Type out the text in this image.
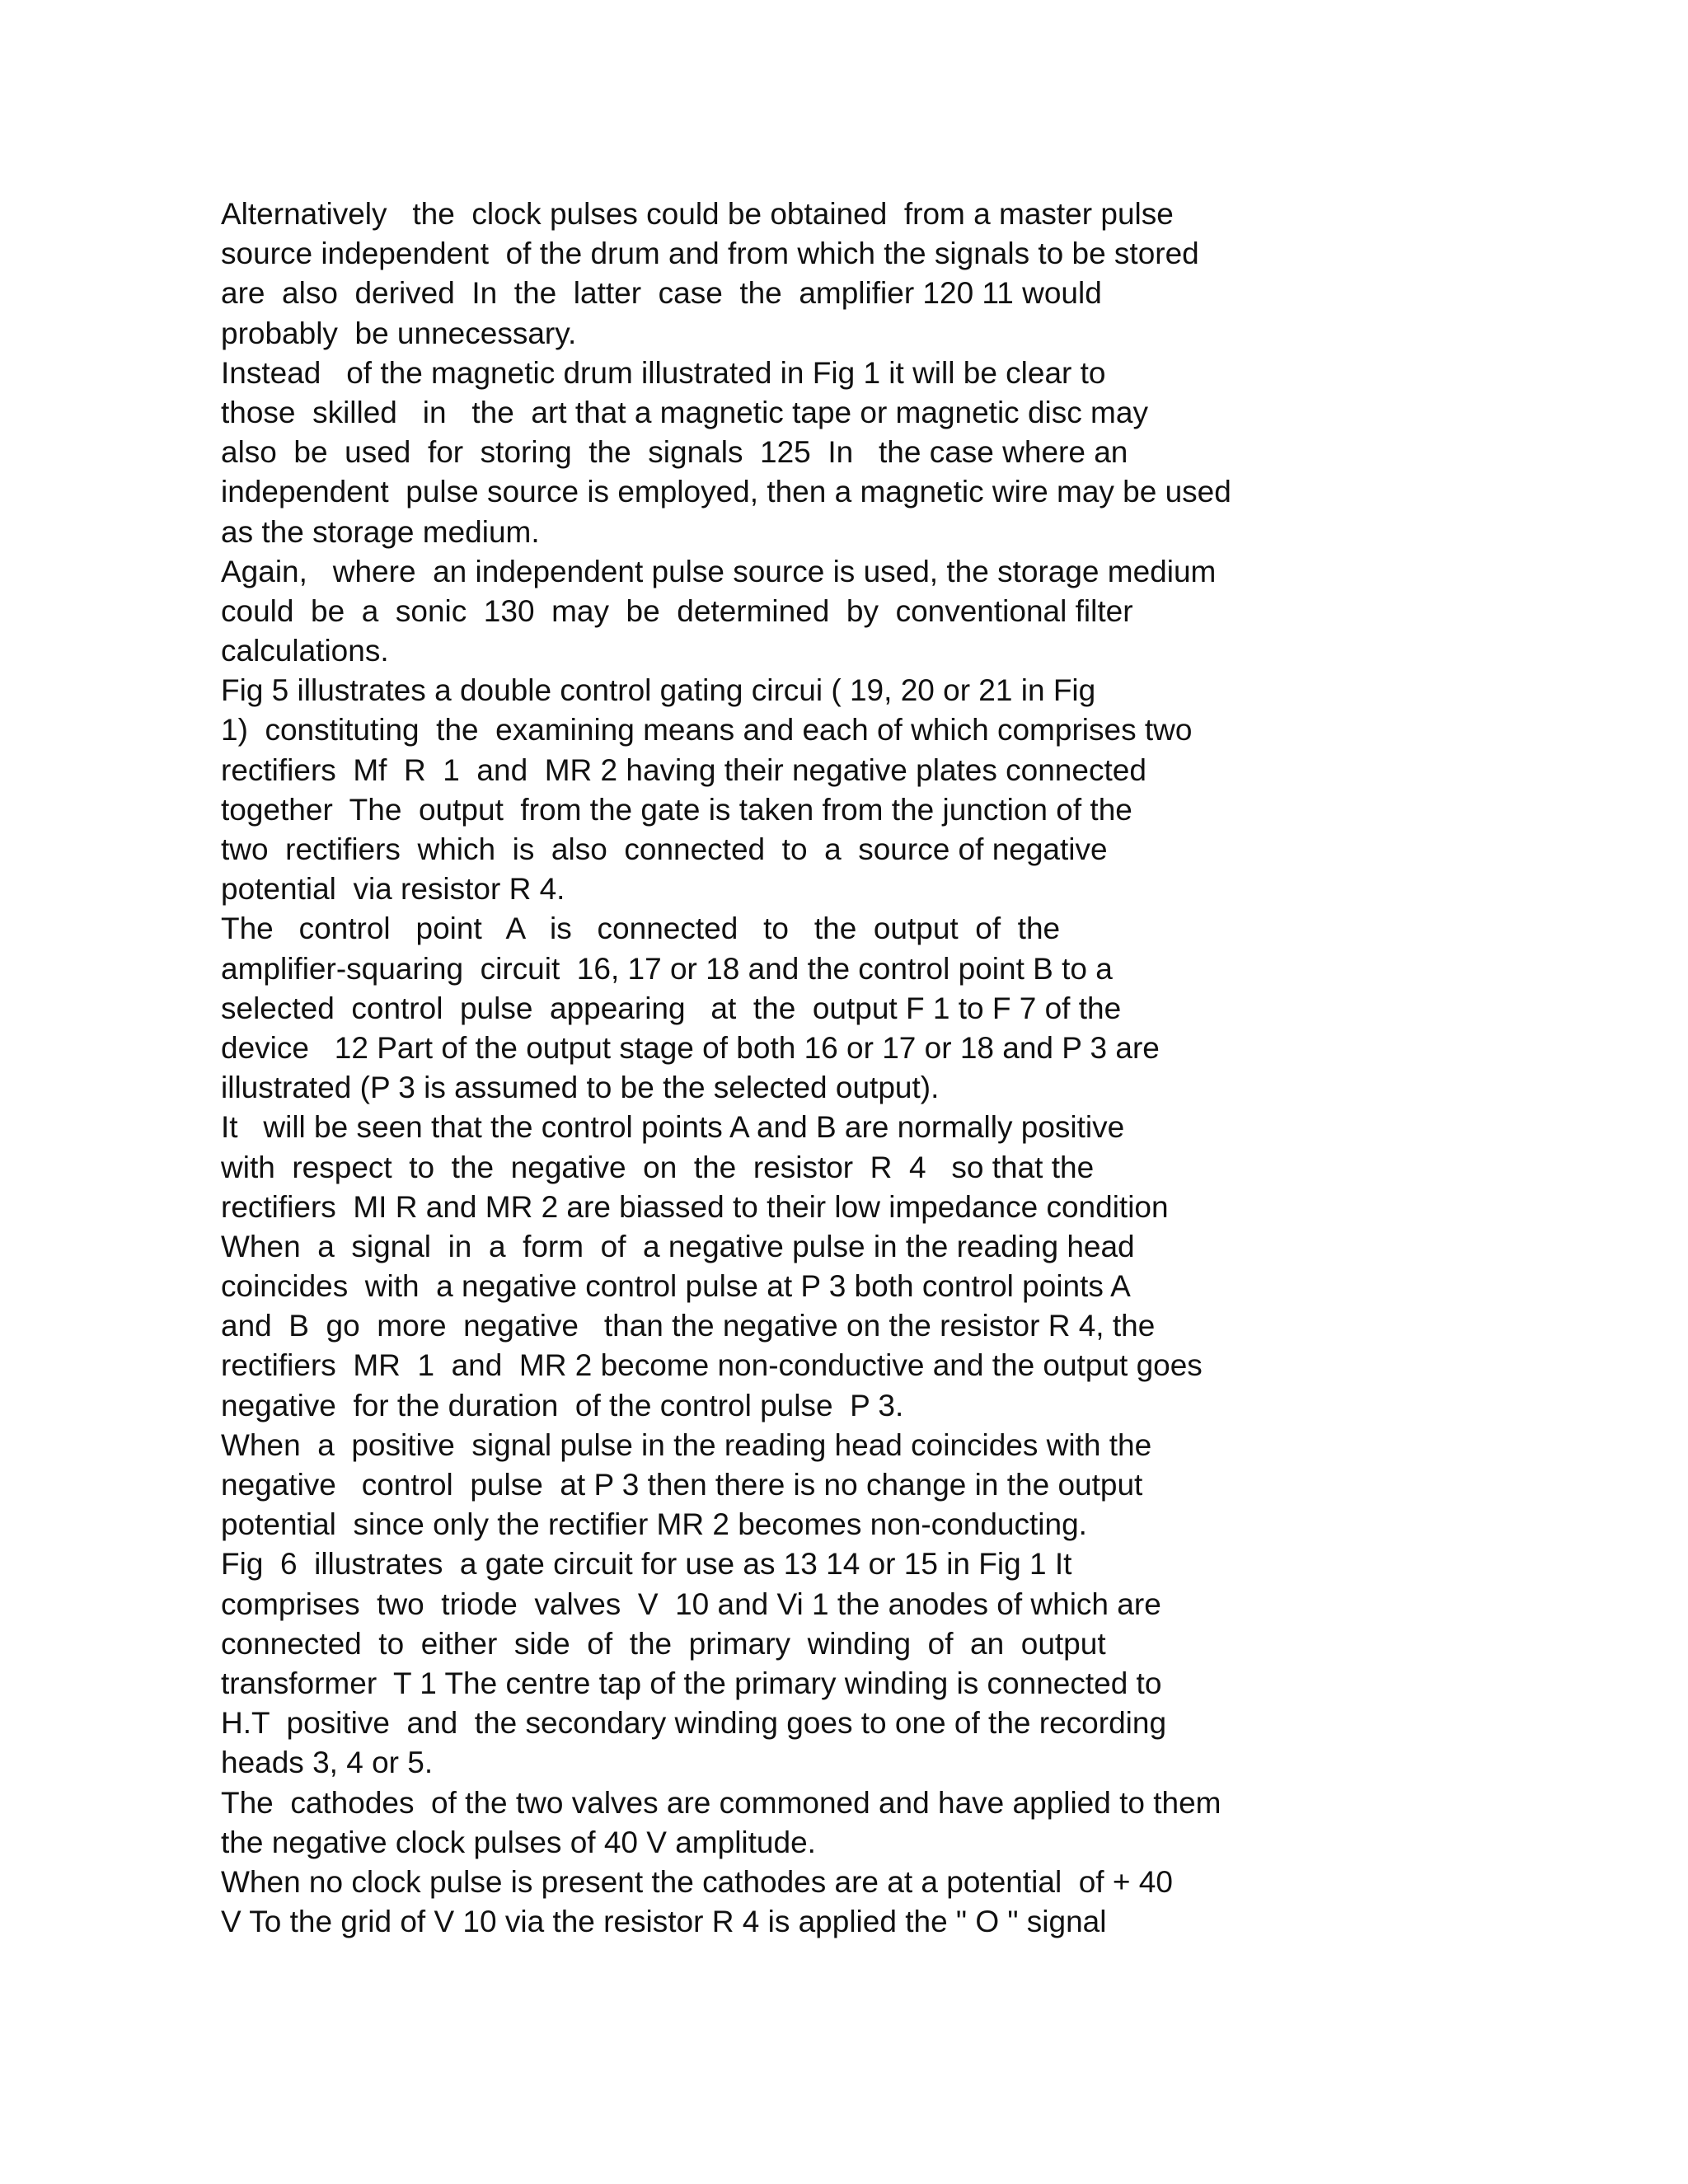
Alternatively   the  clock pulses could be obtained  from a master pulse
source independent  of the drum and from which the signals to be stored
are  also  derived  In  the  latter  case  the  amplifier 120 11 would
probably  be unnecessary.
Instead   of the magnetic drum illustrated in Fig 1 it will be clear to
those  skilled   in   the  art that a magnetic tape or magnetic disc may
also  be  used  for  storing  the  signals  125  In   the case where an
independent  pulse source is employed, then a magnetic wire may be used
as the storage medium.
Again,   where  an independent pulse source is used, the storage medium
could  be  a  sonic  130  may  be  determined  by  conventional filter
calculations.
Fig 5 illustrates a double control gating circui ( 19, 20 or 21 in Fig
1)  constituting  the  examining means and each of which comprises two
rectifiers  Mf  R  1  and  MR 2 having their negative plates connected
together  The  output  from the gate is taken from the junction of the
two  rectifiers  which  is  also  connected  to  a  source of negative
potential  via resistor R 4.
The   control   point   A   is   connected   to   the  output  of  the
amplifier-squaring  circuit  16, 17 or 18 and the control point B to a
selected  control  pulse  appearing   at  the  output F 1 to F 7 of the
device   12 Part of the output stage of both 16 or 17 or 18 and P 3 are
illustrated (P 3 is assumed to be the selected output).
It   will be seen that the control points A and B are normally positive
with  respect  to  the  negative  on  the  resistor  R  4   so that the
rectifiers  MI R and MR 2 are biassed to their low impedance condition
When  a  signal  in  a  form  of  a negative pulse in the reading head
coincides  with  a negative control pulse at P 3 both control points A
and  B  go  more  negative   than the negative on the resistor R 4, the
rectifiers  MR  1  and  MR 2 become non-conductive and the output goes
negative  for the duration  of the control pulse  P 3.
When  a  positive  signal pulse in the reading head coincides with the
negative   control  pulse  at P 3 then there is no change in the output
potential  since only the rectifier MR 2 becomes non-conducting.
Fig  6  illustrates  a gate circuit for use as 13 14 or 15 in Fig 1 It
comprises  two  triode  valves  V  10 and Vi 1 the anodes of which are
connected  to  either  side  of  the  primary  winding  of  an  output
transformer  T 1 The centre tap of the primary winding is connected to
H.T  positive  and  the secondary winding goes to one of the recording
heads 3, 4 or 5.
The  cathodes  of the two valves are commoned and have applied to them
the negative clock pulses of 40 V amplitude.
When no clock pulse is present the cathodes are at a potential  of + 40
V To the grid of V 10 via the resistor R 4 is applied the " O " signal
